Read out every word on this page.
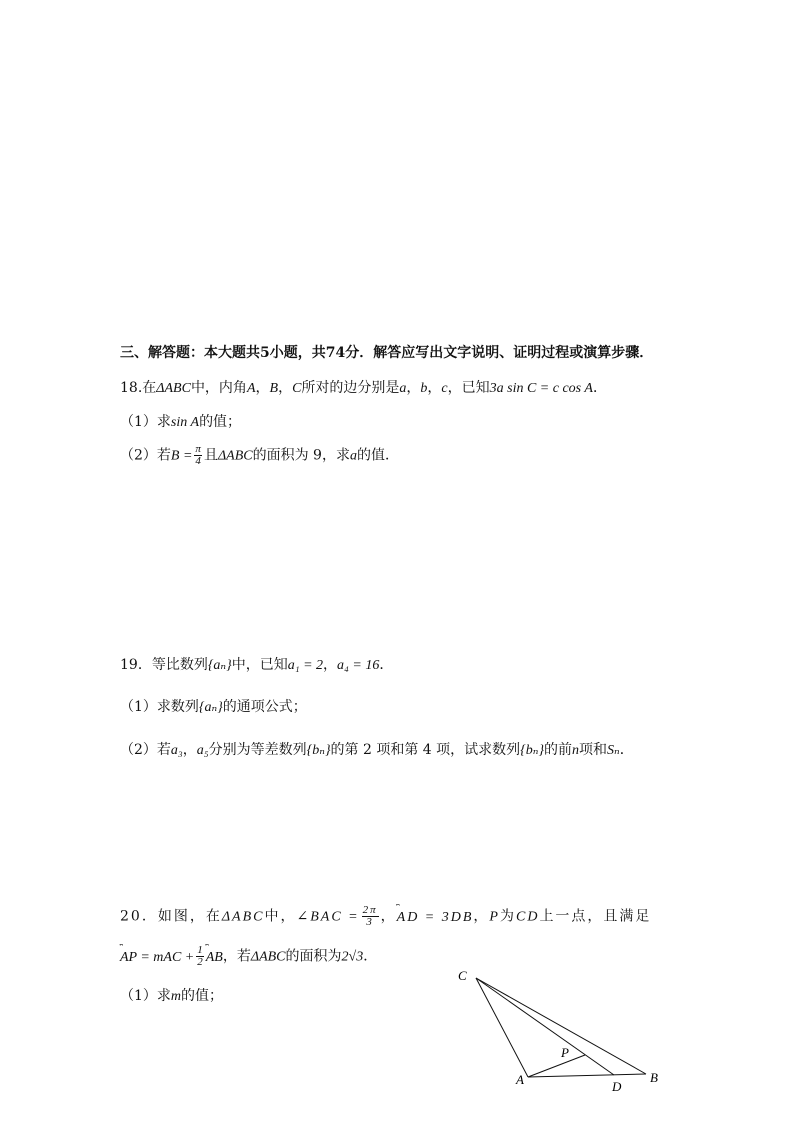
三、解答题：本大题共5小题，共74分．解答应写出文字说明、证明过程或演算步骤．
18.在ΔABC中，内角A，B，C所对的边分别是a，b，c，已知3a sin C = c cos A．
（1）求sin A的值；
（2）若$B = \frac{\pi}{4}$ 且ΔABC的面积为 9，求a的值．
19．等比数列{aₙ}中，已知a₁ = 2，a₄ = 16．
（1）求数列{aₙ}的通项公式；
（2）若a₃，a₅分别为等差数列{bₙ}的第 2 项和第 4 项，试求数列{bₙ}的前n项和Sₙ．
20．如图，在ΔABC中，∠BAC = $\frac{2\pi}{3}$ ，⎵ AD = 3DB，P为CD上一点，且满足
⎵ AP = mAC + $\frac{1}{2}$
⎵ AB，若ΔABC的面积为2√3．
（1）求m的值；
C
P
A	D
B
